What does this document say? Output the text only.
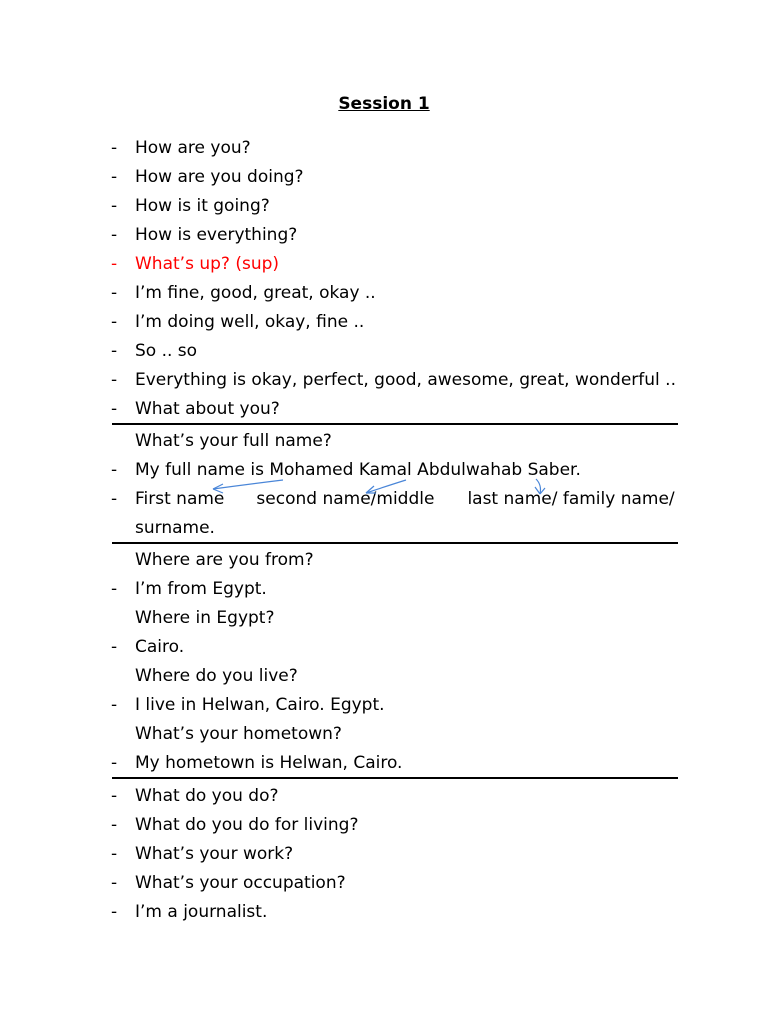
Session 1
- How are you?
- How are you doing?
- How is it going?
- How is everything?
- What’s up? (sup)
- I’m fine, good, great, okay ..
- I’m doing well, okay, fine ..
- So .. so
- Everything is okay, perfect, good, awesome, great, wonderful ..
- What about you?
What’s your full name?
- My full name is Mohamed Kamal Abdulwahab Saber.
- First name second name/middle last name/ family name/
surname.
Where are you from?
- I’m from Egypt.
Where in Egypt?
- Cairo.
Where do you live?
- I live in Helwan, Cairo. Egypt.
What’s your hometown?
- My hometown is Helwan, Cairo.
- What do you do?
- What do you do for living?
- What’s your work?
- What’s your occupation?
- I’m a journalist.
